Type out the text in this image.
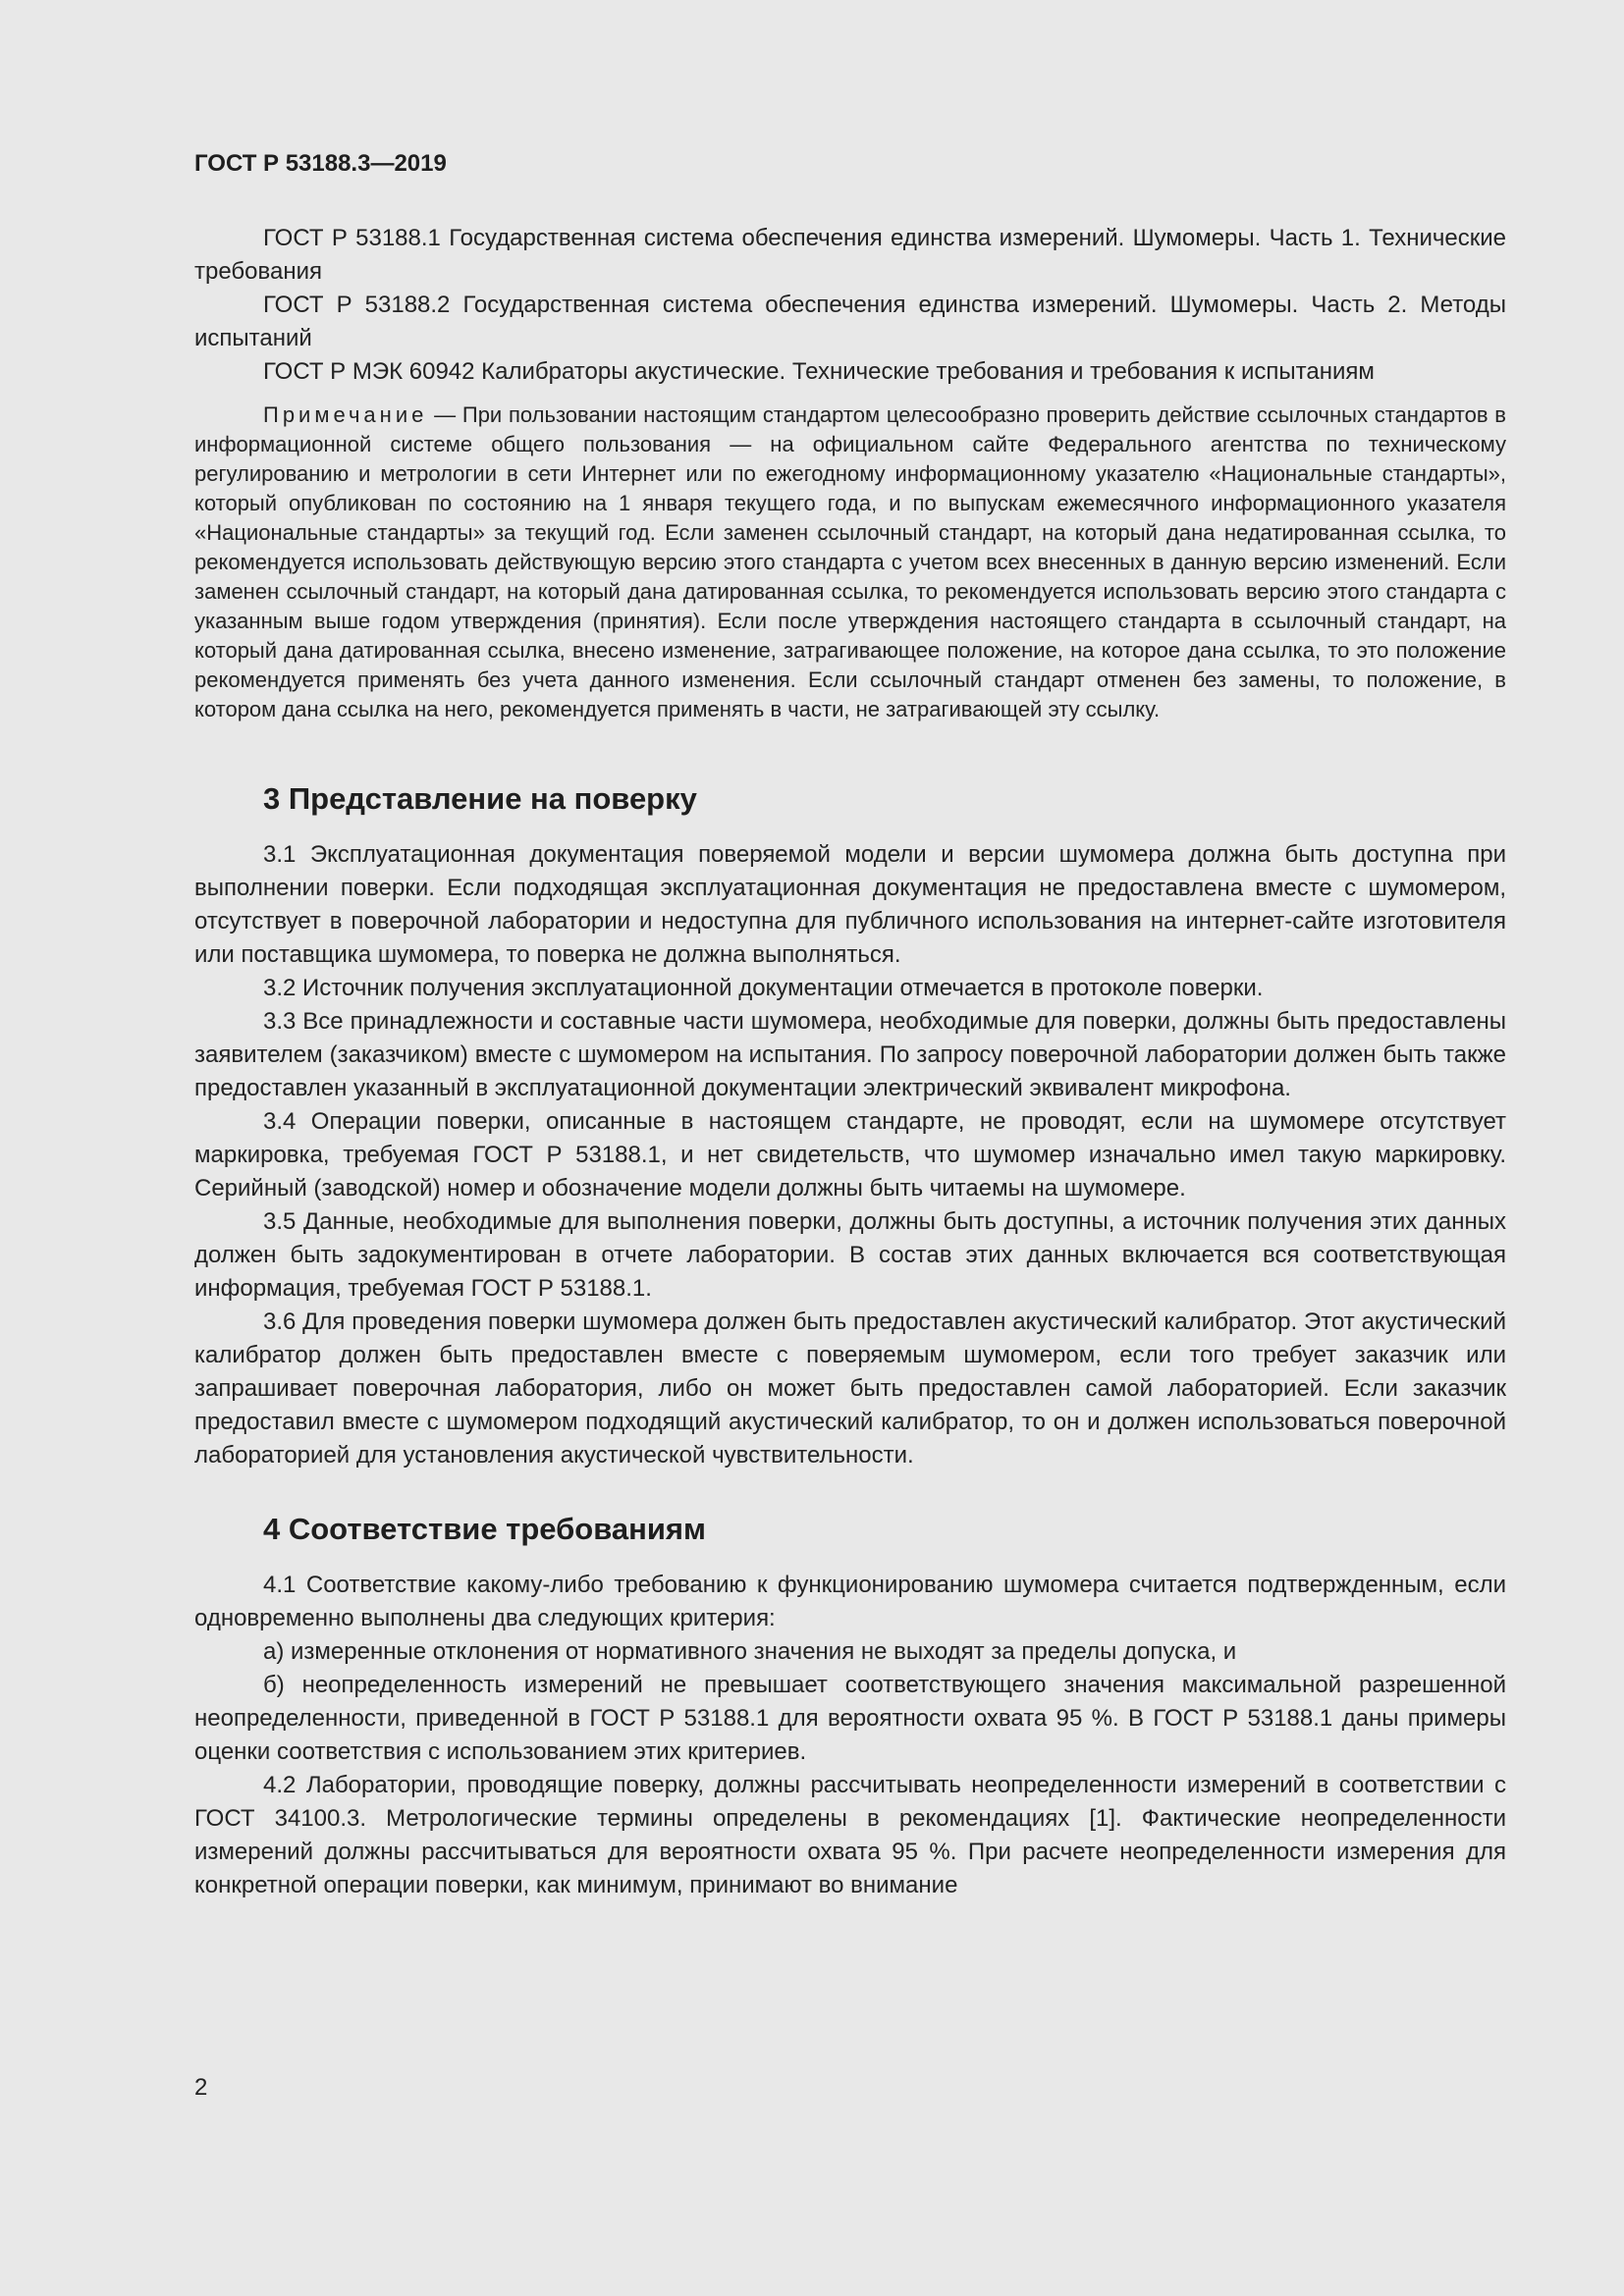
ГОСТ Р 53188.3—2019

ГОСТ Р 53188.1 Государственная система обеспечения единства измерений. Шумомеры. Часть 1. Технические требования

ГОСТ Р 53188.2 Государственная система обеспечения единства измерений. Шумомеры. Часть 2. Методы испытаний

ГОСТ Р МЭК 60942 Калибраторы акустические. Технические требования и требования к испытаниям

Примечание — При пользовании настоящим стандартом целесообразно проверить действие ссылочных стандартов в информационной системе общего пользования — на официальном сайте Федерального агентства по техническому регулированию и метрологии в сети Интернет или по ежегодному информационному указателю «Национальные стандарты», который опубликован по состоянию на 1 января текущего года, и по выпускам ежемесячного информационного указателя «Национальные стандарты» за текущий год. Если заменен ссылочный стандарт, на который дана недатированная ссылка, то рекомендуется использовать действующую версию этого стандарта с учетом всех внесенных в данную версию изменений. Если заменен ссылочный стандарт, на который дана датированная ссылка, то рекомендуется использовать версию этого стандарта с указанным выше годом утверждения (принятия). Если после утверждения настоящего стандарта в ссылочный стандарт, на который дана датированная ссылка, внесено изменение, затрагивающее положение, на которое дана ссылка, то это положение рекомендуется применять без учета данного изменения. Если ссылочный стандарт отменен без замены, то положение, в котором дана ссылка на него, рекомендуется применять в части, не затрагивающей эту ссылку.

3 Представление на поверку

3.1 Эксплуатационная документация поверяемой модели и версии шумомера должна быть доступна при выполнении поверки. Если подходящая эксплуатационная документация не предоставлена вместе с шумомером, отсутствует в поверочной лаборатории и недоступна для публичного использования на интернет-сайте изготовителя или поставщика шумомера, то поверка не должна выполняться.

3.2 Источник получения эксплуатационной документации отмечается в протоколе поверки.

3.3 Все принадлежности и составные части шумомера, необходимые для поверки, должны быть предоставлены заявителем (заказчиком) вместе с шумомером на испытания. По запросу поверочной лаборатории должен быть также предоставлен указанный в эксплуатационной документации электрический эквивалент микрофона.

3.4 Операции поверки, описанные в настоящем стандарте, не проводят, если на шумомере отсутствует маркировка, требуемая ГОСТ Р 53188.1, и нет свидетельств, что шумомер изначально имел такую маркировку. Серийный (заводской) номер и обозначение модели должны быть читаемы на шумомере.

3.5 Данные, необходимые для выполнения поверки, должны быть доступны, а источник получения этих данных должен быть задокументирован в отчете лаборатории. В состав этих данных включается вся соответствующая информация, требуемая ГОСТ Р 53188.1.

3.6 Для проведения поверки шумомера должен быть предоставлен акустический калибратор. Этот акустический калибратор должен быть предоставлен вместе с поверяемым шумомером, если того требует заказчик или запрашивает поверочная лаборатория, либо он может быть предоставлен самой лабораторией. Если заказчик предоставил вместе с шумомером подходящий акустический калибратор, то он и должен использоваться поверочной лабораторией для установления акустической чувствительности.

4 Соответствие требованиям

4.1 Соответствие какому-либо требованию к функционированию шумомера считается подтвержденным, если одновременно выполнены два следующих критерия:

а) измеренные отклонения от нормативного значения не выходят за пределы допуска, и

б) неопределенность измерений не превышает соответствующего значения максимальной разрешенной неопределенности, приведенной в ГОСТ Р 53188.1 для вероятности охвата 95 %. В ГОСТ Р 53188.1 даны примеры оценки соответствия с использованием этих критериев.

4.2 Лаборатории, проводящие поверку, должны рассчитывать неопределенности измерений в соответствии с ГОСТ 34100.3. Метрологические термины определены в рекомендациях [1]. Фактические неопределенности измерений должны рассчитываться для вероятности охвата 95 %. При расчете неопределенности измерения для конкретной операции поверки, как минимум, принимают во внимание

2
